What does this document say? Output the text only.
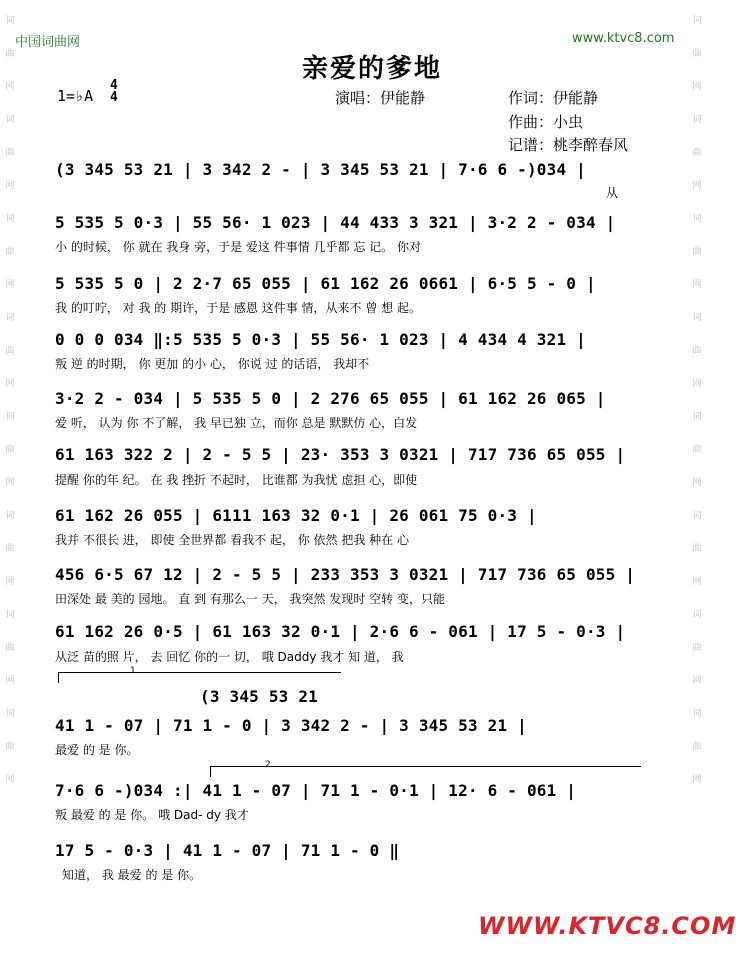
中国词曲网	www.ktvc8.com
亲爱的爹地
1=♭A
4
4	演唱：伊能静	作词：伊能静
作曲：小虫
记谱：桃李醉春风
词
曲
网
词
曲
网
词
曲
网
词
曲
网
词
曲
网
词
曲
网
词
曲
网
词
曲
网
词
曲
网
词
曲
网
词
曲
网
词
曲
网
词
曲
网
词
曲
网
词
曲
网
词
曲
网
(3 345 53 21 | 3 342 2 - | 3 345 53 21 | 7·6 6 -)034 |
从
5 535 5 0·3 | 55 56· 1 023 | 44 433 3 321 | 3·2 2 - 034 |
小 的时候， 你 就在 我身 旁，于是 爱这 件事情 几乎都 忘 记。 你对
5 535 5 0 | 2 2·7 65 055 | 61 162 26 0661 | 6·5 5 - 0 |
我 的叮咛， 对 我 的 期许，于是 感恩 这件事 情，从来不 曾 想 起。
0 0 0 034 ‖:5 535 5 0·3 | 55 56· 1 023 | 4 434 4 321 |
叛 逆 的时期， 你 更加 的小 心， 你说 过 的话语， 我却不
3·2 2 - 034 | 5 535 5 0 | 2 276 65 055 | 61 162 26 065 |
爱 听， 认为 你 不了解， 我 早已独 立，而你 总是 默默仿 心，白发
61 163 322 2 | 2 - 5 5 | 23· 353 3 0321 | 717 736 65 055 |
提醒 你的年 纪。 在 我 挫折 不起时， 比谁都 为我忧 虑担 心，即使
61 162 26 055 | 6111 163 32 0·1 | 26 061 75 0·3 |
我并 不很长 进， 即使 全世界都 看我不 起， 你 依然 把我 种在 心
456 6·5 67 12 | 2 - 5 5 | 233 353 3 0321 | 717 736 65 055 |
田深处 最 美的 园地。 直 到 有那么一 天， 我突然 发现时 空转 变，只能
61 162 26 0·5 | 61 163 32 0·1 | 2·6 6 - 061 | 17 5 - 0·3 |
从泛 苗的照 片， 去 回忆 你的一 切， 哦 Daddy 我才 知 道， 我
1
(3 345 53 21
41 1 - 07 | 71 1 - 0 | 3 342 2 - | 3 345 53 21 |
最爱 的 是 你。
2
7·6 6 -)034 :| 41 1 - 07 | 71 1 - 0·1 | 12· 6 - 061 |
叛 最爱 的 是 你。 哦 Dad- dy 我才
17 5 - 0·3 | 41 1 - 07 | 71 1 - 0 ‖
知道， 我 最爱 的 是 你。
WWW.KTVC8.COM
